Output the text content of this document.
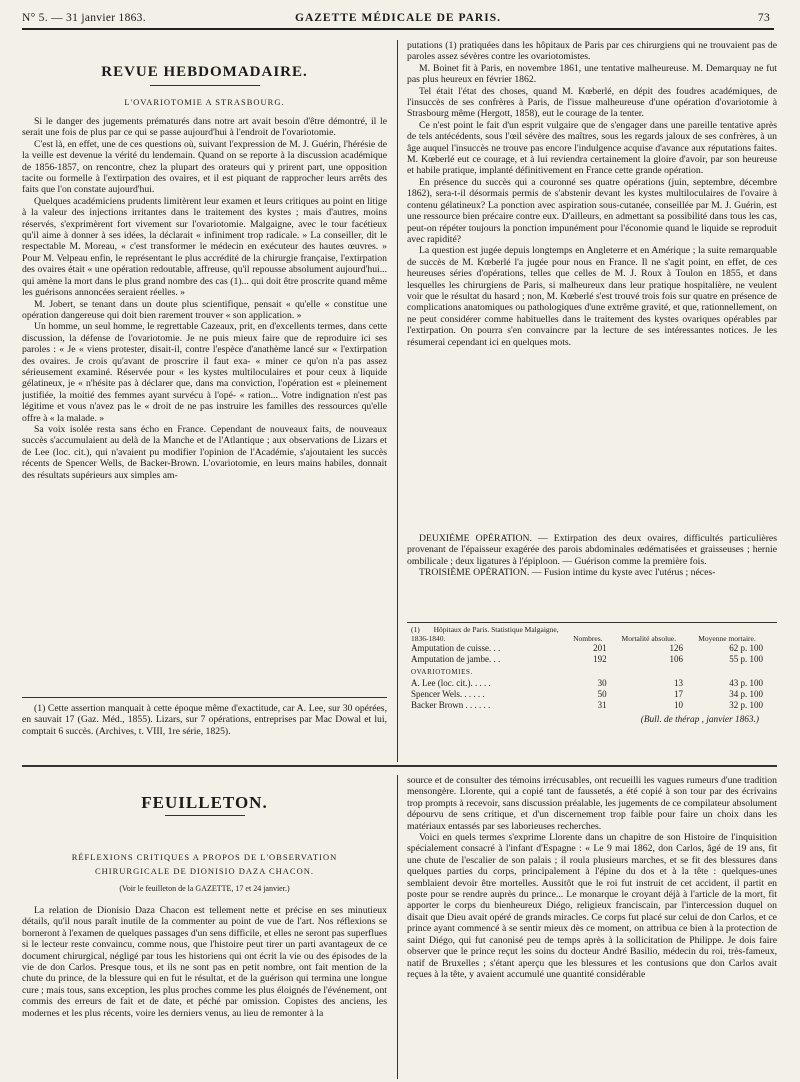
N° 5. — 31 janvier 1863.	GAZETTE MÉDICALE DE PARIS.	73
REVUE HEBDOMADAIRE.
L'OVARIOTOMIE A STRASBOURG.

Si le danger des jugements prématurés dans notre art avait besoin d'être démontré, il le serait une fois de plus par ce qui se passe aujourd'hui à l'endroit de l'ovariotomie.

C'est là, en effet, une de ces questions où, suivant l'expression de M. J. Guérin, l'hérésie de la veille est devenue la vérité du lendemain. Quand on se reporte à la discussion académique de 1856-1857, on rencontre, chez la plupart des orateurs qui y prirent part, une opposition tacite ou formelle à l'extirpation des ovaires, et il est piquant de rapprocher leurs arrêts des faits que l'on constate aujourd'hui.

Quelques académiciens prudents limitèrent leur examen et leurs critiques au point en litige à la valeur des injections irritantes dans le traitement des kystes ; mais d'autres, moins réservés, s'exprimèrent fort vivement sur l'ovariotomie. Malgaigne, avec le tour facétieux qu'il aime à donner à ses idées, la déclarait « infiniment trop radicale. » La conseiller, dit le respectable M. Moreau, « c'est transformer le médecin en exécuteur des hautes œuvres. » Pour M. Velpeau enfin, le représentant le plus accrédité de la chirurgie française, l'extirpation des ovaires était « une opération redoutable, affreuse, qu'il repousse absolument aujourd'hui... qui amène la mort dans le plus grand nombre des cas (1)... qui doit être proscrite quand même les guérisons annoncées seraient réelles. »

M. Jobert, se tenant dans un doute plus scientifique, pensait « qu'elle « constitue une opération dangereuse qui doit bien rarement trouver « son application. »

Un homme, un seul homme, le regrettable Cazeaux, prit, en d'excellents termes, dans cette discussion, la défense de l'ovariotomie. Je ne puis mieux faire que de reproduire ici ses paroles : « Je « viens protester, disait-il, contre l'espèce d'anathème lancé sur « l'extirpation des ovaires. Je crois qu'avant de proscrire il faut exa- « miner ce qu'on n'a pas assez sérieusement examiné. Réservée pour « les kystes multiloculaires et pour ceux à liquide gélatineux, je « n'hésite pas à déclarer que, dans ma conviction, l'opération est « pleinement justifiée, la moitié des femmes ayant survécu à l'opé- « ration... Votre indignation n'est pas légitime et vous n'avez pas le « droit de ne pas instruire les familles des ressources qu'elle offre à « la malade. »

Sa voix isolée resta sans écho en France. Cependant de nouveaux faits, de nouveaux succès s'accumulaient au delà de la Manche et de l'Atlantique ; aux observations de Lizars et de Lee (loc. cit.), qui n'avaient pu modifier l'opinion de l'Académie, s'ajoutaient les succès récents de Spencer Wells, de Backer-Brown. L'ovariotomie, en leurs mains habiles, donnait des résultats supérieurs aux simples am-

(1) Cette assertion manquait à cette époque même d'exactitude, car A. Lee, sur 30 opérées, en sauvait 17 (Gaz. Méd., 1855). Lizars, sur 7 opérations, entreprises par Mac Dowal et lui, comptait 6 succès. (Archives, t. VIII, 1re série, 1825).

putations (1) pratiquées dans les hôpitaux de Paris par ces chirurgiens qui ne trouvaient pas de paroles assez sévères contre les ovariotomistes.

M. Boinet fit à Paris, en novembre 1861, une tentative malheureuse. M. Demarquay ne fut pas plus heureux en février 1862.

Tel était l'état des choses, quand M. Kœberlé, en dépit des foudres académiques, de l'insuccès de ses confrères à Paris, de l'issue malheureuse d'une opération d'ovariotomie à Strasbourg même (Hergott, 1858), eut le courage de la tenter.

Ce n'est point le fait d'un esprit vulgaire que de s'engager dans une pareille tentative après de tels antécédents, sous l'œil sévère des maîtres, sous les regards jaloux de ses confrères, à un âge auquel l'insuccès ne trouve pas encore l'indulgence acquise d'avance aux réputations faites. M. Kœberlé eut ce courage, et à lui reviendra certainement la gloire d'avoir, par son heureuse et habile pratique, implanté définitivement en France cette grande opération.

En présence du succès qui a couronné ses quatre opérations (juin, septembre, décembre 1862), sera-t-il désormais permis de s'abstenir devant les kystes multiloculaires de l'ovaire à contenu gélatineux? La ponction avec aspiration sous-cutanée, conseillée par M. J. Guérin, est une ressource bien précaire contre eux. D'ailleurs, en admettant sa possibilité dans tous les cas, peut-on répéter toujours la ponction impunément pour l'économie quand le liquide se reproduit avec rapidité?

La question est jugée depuis longtemps en Angleterre et en Amérique ; la suite remarquable de succès de M. Kœberlé l'a jugée pour nous en France. Il ne s'agit point, en effet, de ces heureuses séries d'opérations, telles que celles de M. J. Roux à Toulon en 1855, et dans lesquelles les chirurgiens de Paris, si malheureux dans leur pratique hospitalière, ne veulent voir que le résultat du hasard ; non, M. Kœberlé s'est trouvé trois fois sur quatre en présence de complications anatomiques ou pathologiques d'une extrême gravité, et que, rationnellement, on ne peut considérer comme habituelles dans le traitement des kystes ovariques opérables par l'extirpation. On pourra s'en convaincre par la lecture de ses intéressantes notices. Je les résumerai cependant ici en quelques mots.

DEUXIÈME OPÉRATION. — Extirpation des deux ovaires, difficultés particulières provenant de l'épaisseur exagérée des parois abdominales œdématisées et graisseuses ; hernie ombilicale ; deux ligatures à l'épiploon. — Guérison comme la première fois.

TROISIÈME OPÉRATION. — Fusion intime du kyste avec l'utérus ; néces-

(1) Hôpitaux de Paris. Statistique Malgaigne, 1836-1840.	Nombres.	Mortalité absolue.	Moyenne mortaire.
Amputation de cuisse. . .	201	126	62 p. 100
Amputation de jambe. . .	192	106	55 p. 100
OVARIOTOMIES.			
A. Lee (loc. cit.). . . . .	30	13	43 p. 100
Spencer Wels. . . . . .	50	17	34 p. 100
Backer Brown . . . . . .	31	10	32 p. 100
(Bull. de thérap , janvier 1863.)
FEUILLETON.
RÉFLEXIONS CRITIQUES A PROPOS DE L'OBSERVATION CHIRURGICALE DE DIONISIO DAZA CHACON.
(Voir le feuilleton de la GAZETTE, 17 et 24 janvier.)

La relation de Dionisio Daza Chacon est tellement nette et précise en ses minutieux détails, qu'il nous paraît inutile de la commenter au point de vue de l'art. Nos réflexions se borneront à l'examen de quelques passages d'un sens difficile, et elles ne seront pas superflues si le lecteur reste convaincu, comme nous, que l'histoire peut tirer un parti avantageux de ce document chirurgical, négligé par tous les historiens qui ont écrit la vie ou des épisodes de la vie de don Carlos. Presque tous, et ils ne sont pas en petit nombre, ont fait mention de la chute du prince, de la blessure qui en fut le résultat, et de la guérison qui termina une longue cure ; mais tous, sans exception, les plus proches comme les plus éloignés de l'événement, ont commis des erreurs de fait et de date, et péché par omission. Copistes des anciens, les modernes et les plus récents, voire les derniers venus, au lieu de remonter à la

source et de consulter des témoins irrécusables, ont recueilli les vagues rumeurs d'une tradition mensongère. Llorente, qui a copié tant de faussetés, a été copié à son tour par des écrivains trop prompts à recevoir, sans discussion préalable, les jugements de ce compilateur absolument dépourvu de sens critique, et d'un discernement trop faible pour faire un choix dans les matériaux entassés par ses laborieuses recherches.

Voici en quels termes s'exprime Llorente dans un chapitre de son Histoire de l'inquisition spécialement consacré à l'infant d'Espagne : « Le 9 mai 1862, don Carlos, âgé de 19 ans, fit une chute de l'escalier de son palais ; il roula plusieurs marches, et se fit des blessures dans quelques parties du corps, principalement à l'épine du dos et à la tête : quelques-unes semblaient devoir être mortelles. Aussitôt que le roi fut instruit de cet accident, il partit en poste pour se rendre auprès du prince... Le monarque le croyant déjà à l'article de la mort, fit apporter le corps du bienheureux Diégo, religieux franciscain, par l'intercession duquel on disait que Dieu avait opéré de grands miracles. Ce corps fut placé sur celui de don Carlos, et ce prince ayant commencé à se sentir mieux dès ce moment, on attribua ce bien à la protection de saint Diégo, qui fut canonisé peu de temps après à la sollicitation de Philippe. Je dois faire observer que le prince reçut les soins du docteur André Basilio, médecin du roi, très-fameux, natif de Bruxelles ; s'étant aperçu que les blessures et les contusions que don Carlos avait reçues à la tête, y avaient accumulé une quantité considérable
